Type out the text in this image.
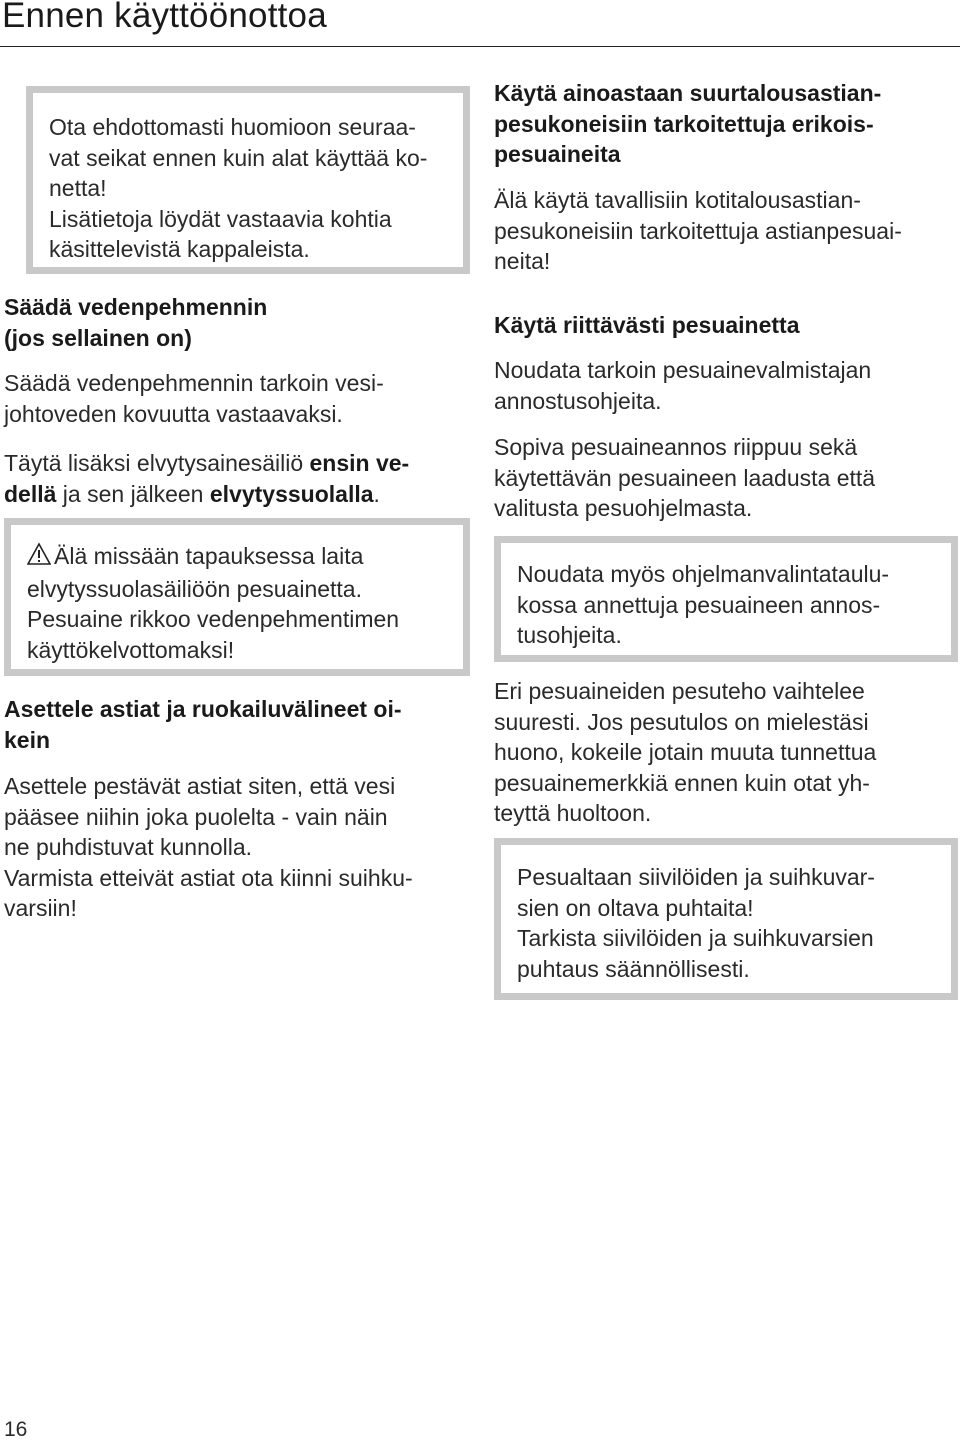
Ennen käyttöönottoa

Ota ehdottomasti huomioon seuraa-
vat seikat ennen kuin alat käyttää ko-
netta!
Lisätietoja löydät vastaavia kohtia
käsittelevistä kappaleista.

Säädä vedenpehmennin
(jos sellainen on)

Säädä vedenpehmennin tarkoin vesi-
johtoveden kovuutta vastaavaksi.

Täytä lisäksi elvytysainesäiliö ensin ve-
dellä ja sen jälkeen elvytyssuolalla.

Älä missään tapauksessa laita
elvytyssuolasäiliöön pesuainetta.
Pesuaine rikkoo vedenpehmentimen
käyttökelvottomaksi!

Asettele astiat ja ruokailuvälineet oi-
kein

Asettele pestävät astiat siten, että vesi
pääsee niihin joka puolelta - vain näin
ne puhdistuvat kunnolla.
Varmista etteivät astiat ota kiinni suihku-
varsiin!

Käytä ainoastaan suurtalousastian-
pesukoneisiin tarkoitettuja erikois-
pesuaineita

Älä käytä tavallisiin kotitalousastian-
pesukoneisiin tarkoitettuja astianpesuai-
neita!

Käytä riittävästi pesuainetta

Noudata tarkoin pesuainevalmistajan
annostusohjeita.

Sopiva pesuaineannos riippuu sekä
käytettävän pesuaineen laadusta että
valitusta pesuohjelmasta.

Noudata myös ohjelmanvalintataulu-
kossa annettuja pesuaineen annos-
tusohjeita.

Eri pesuaineiden pesuteho vaihtelee
suuresti. Jos pesutulos on mielestäsi
huono, kokeile jotain muuta tunnettua
pesuainemerkkiä ennen kuin otat yh-
teyttä huoltoon.

Pesualtaan siivilöiden ja suihkuvar-
sien on oltava puhtaita!
Tarkista siivilöiden ja suihkuvarsien
puhtaus säännöllisesti.

16
